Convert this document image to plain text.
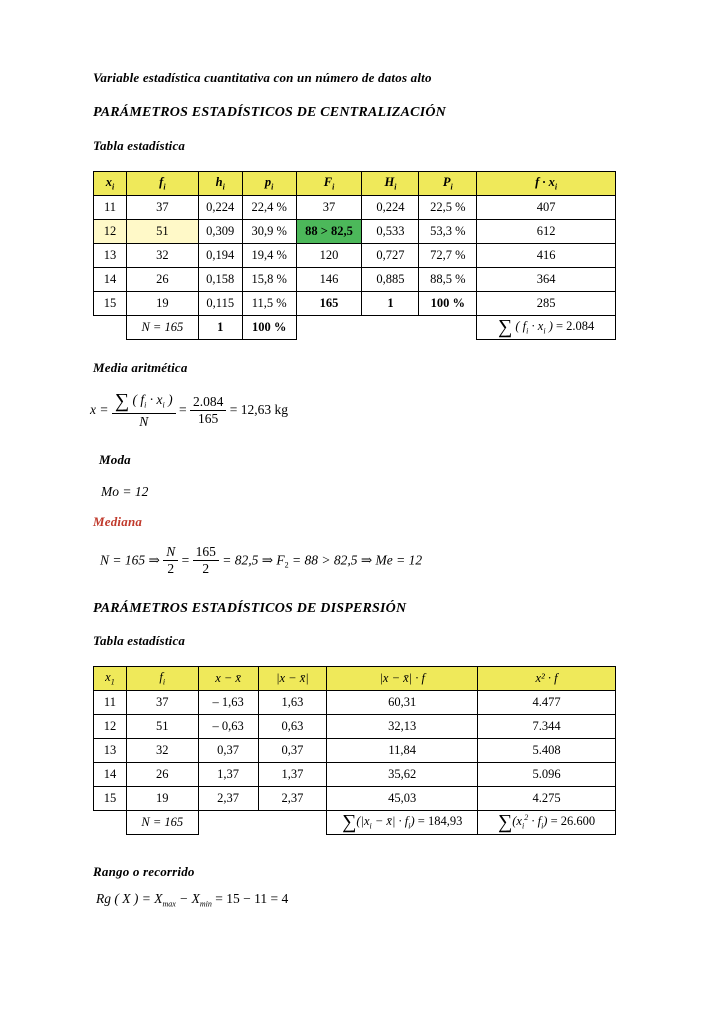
Variable estadística cuantitativa con un número de datos alto
PARÁMETROS ESTADÍSTICOS DE CENTRALIZACIÓN
Tabla estadística
$x_i$	$f_i$	$h_i$	$p_i$	$F_i$	$H_i$	$P_i$	$f \cdot x_i$
11	37	0,224	22,4 %	37	0,224	22,5 %	407
12	51	0,309	30,9 %	88 > 82,5	0,533	53,3 %	612
13	32	0,194	19,4 %	120	0,727	72,7 %	416
14	26	0,158	15,8 %	146	0,885	88,5 %	364
15	19	0,115	11,5 %	165	1	100 %	285
	N = 165	1	100 %				∑ ( $f_i \cdot x_i$ ) = 2.084
Media aritmética
$x = \frac{\sum ( f_i \cdot x_i )}{N} = \frac{2.084}{165} = 12,63$ kg
Moda
Mo = 12
Mediana
N = 165 ⇒ $\frac{N}{2} = \frac{165}{2} = 82,5$ ⇒ $F_2 = 88 > 82,5$ ⇒ Me = 12
PARÁMETROS ESTADÍSTICOS DE DISPERSIÓN
Tabla estadística
$x_1$	$f_i$	x − x̄	|x − x̄|	|x − x̄| · f	x² · f
11	37	– 1,63	1,63	60,31	4.477
12	51	– 0,63	0,63	32,13	7.344
13	32	0,37	0,37	11,84	5.408
14	26	1,37	1,37	35,62	5.096
15	19	2,37	2,37	45,03	4.275
	N = 165			$\sum(|x_i$ − x̄| · $f_i) = 184,93$	$\sum(x_i^2 \cdot f_i) = 26.600$
Rango o recorrido
Rg ( X ) = $X_{max} - X_{min} = 15 - 11 = 4$
